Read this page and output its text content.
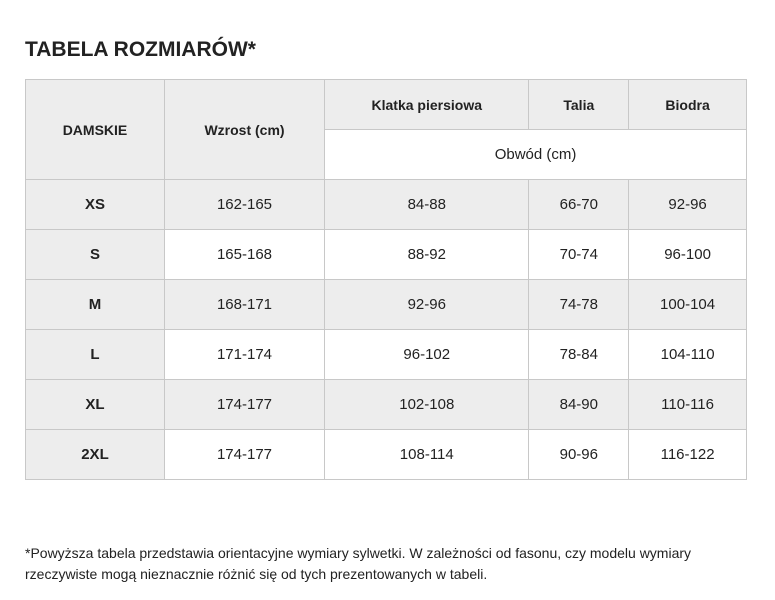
TABELA ROZMIARÓW*
DAMSKIE	Wzrost (cm)	Klatka piersiowa	Talia	Biodra
		Obwód (cm)		
XS	162-165	84-88	66-70	92-96
S	165-168	88-92	70-74	96-100
M	168-171	92-96	74-78	100-104
L	171-174	96-102	78-84	104-110
XL	174-177	102-108	84-90	110-116
2XL	174-177	108-114	90-96	116-122

*Powyższa tabela przedstawia orientacyjne wymiary sylwetki. W zależności od fasonu, czy modelu wymiary rzeczywiste mogą nieznacznie różnić się od tych prezentowanych w tabeli.
